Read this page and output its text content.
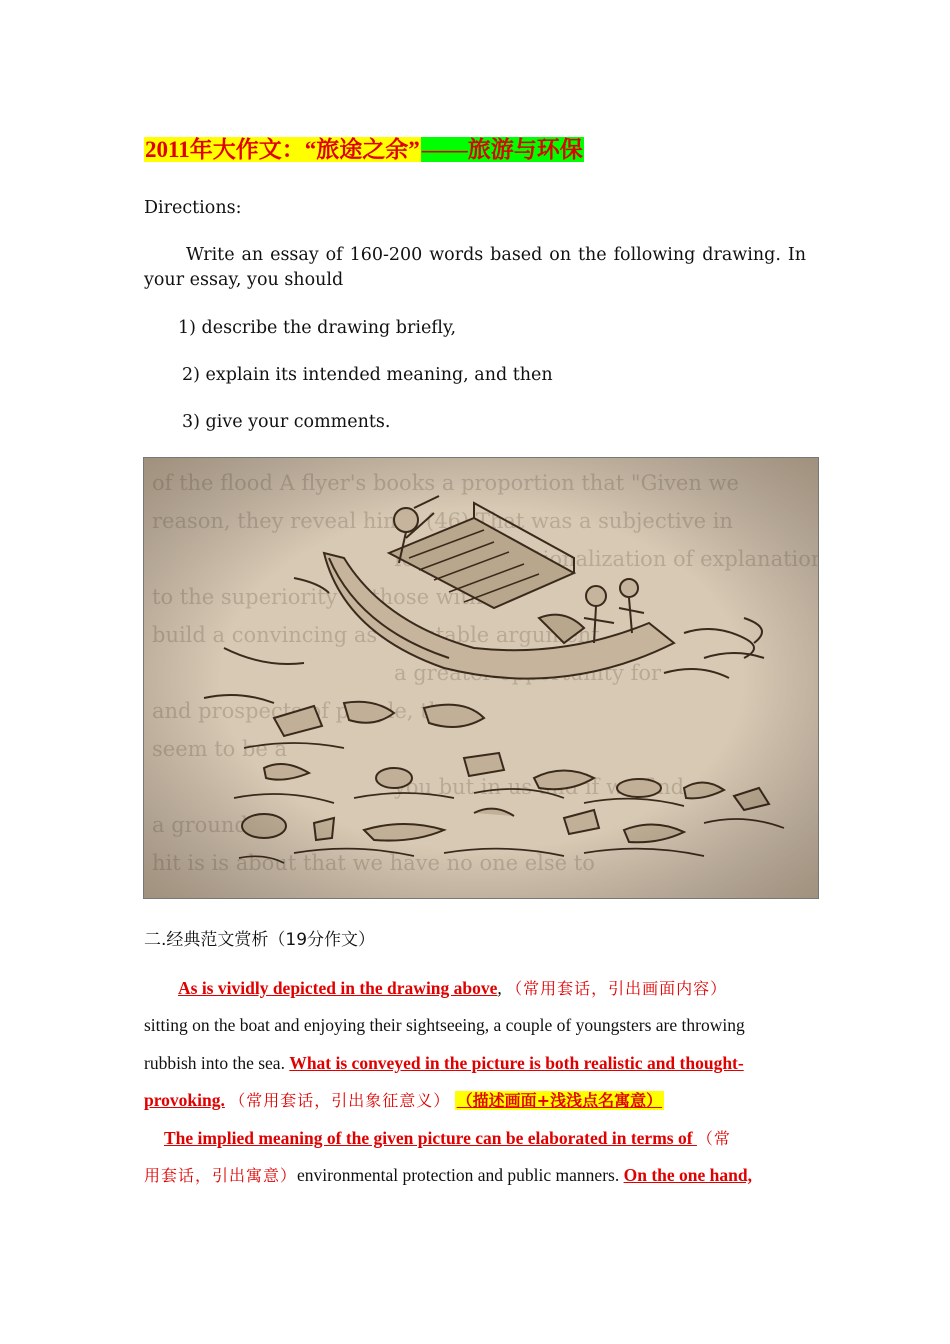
2011年大作文：“旅途之余”——旅游与环保
Directions:
Write an essay of 160-200 words based on the following drawing. In your essay, you should
1) describe the drawing briefly,
2) explain its intended meaning, and then
3) give your comments.
二.经典范文赏析（19分作文）
As is vividly depicted in the drawing above, （常用套话，引出画面内容）
sitting on the boat and enjoying their sightseeing, a couple of youngsters are throwing
rubbish into the sea. What is conveyed in the picture is both realistic and thought-
provoking. （常用套话，引出象征意义） （描述画面+浅浅点名寓意）
The implied meaning of the given picture can be elaborated in terms of （常
用套话，引出寓意）environmental protection and public manners. On the one hand,
